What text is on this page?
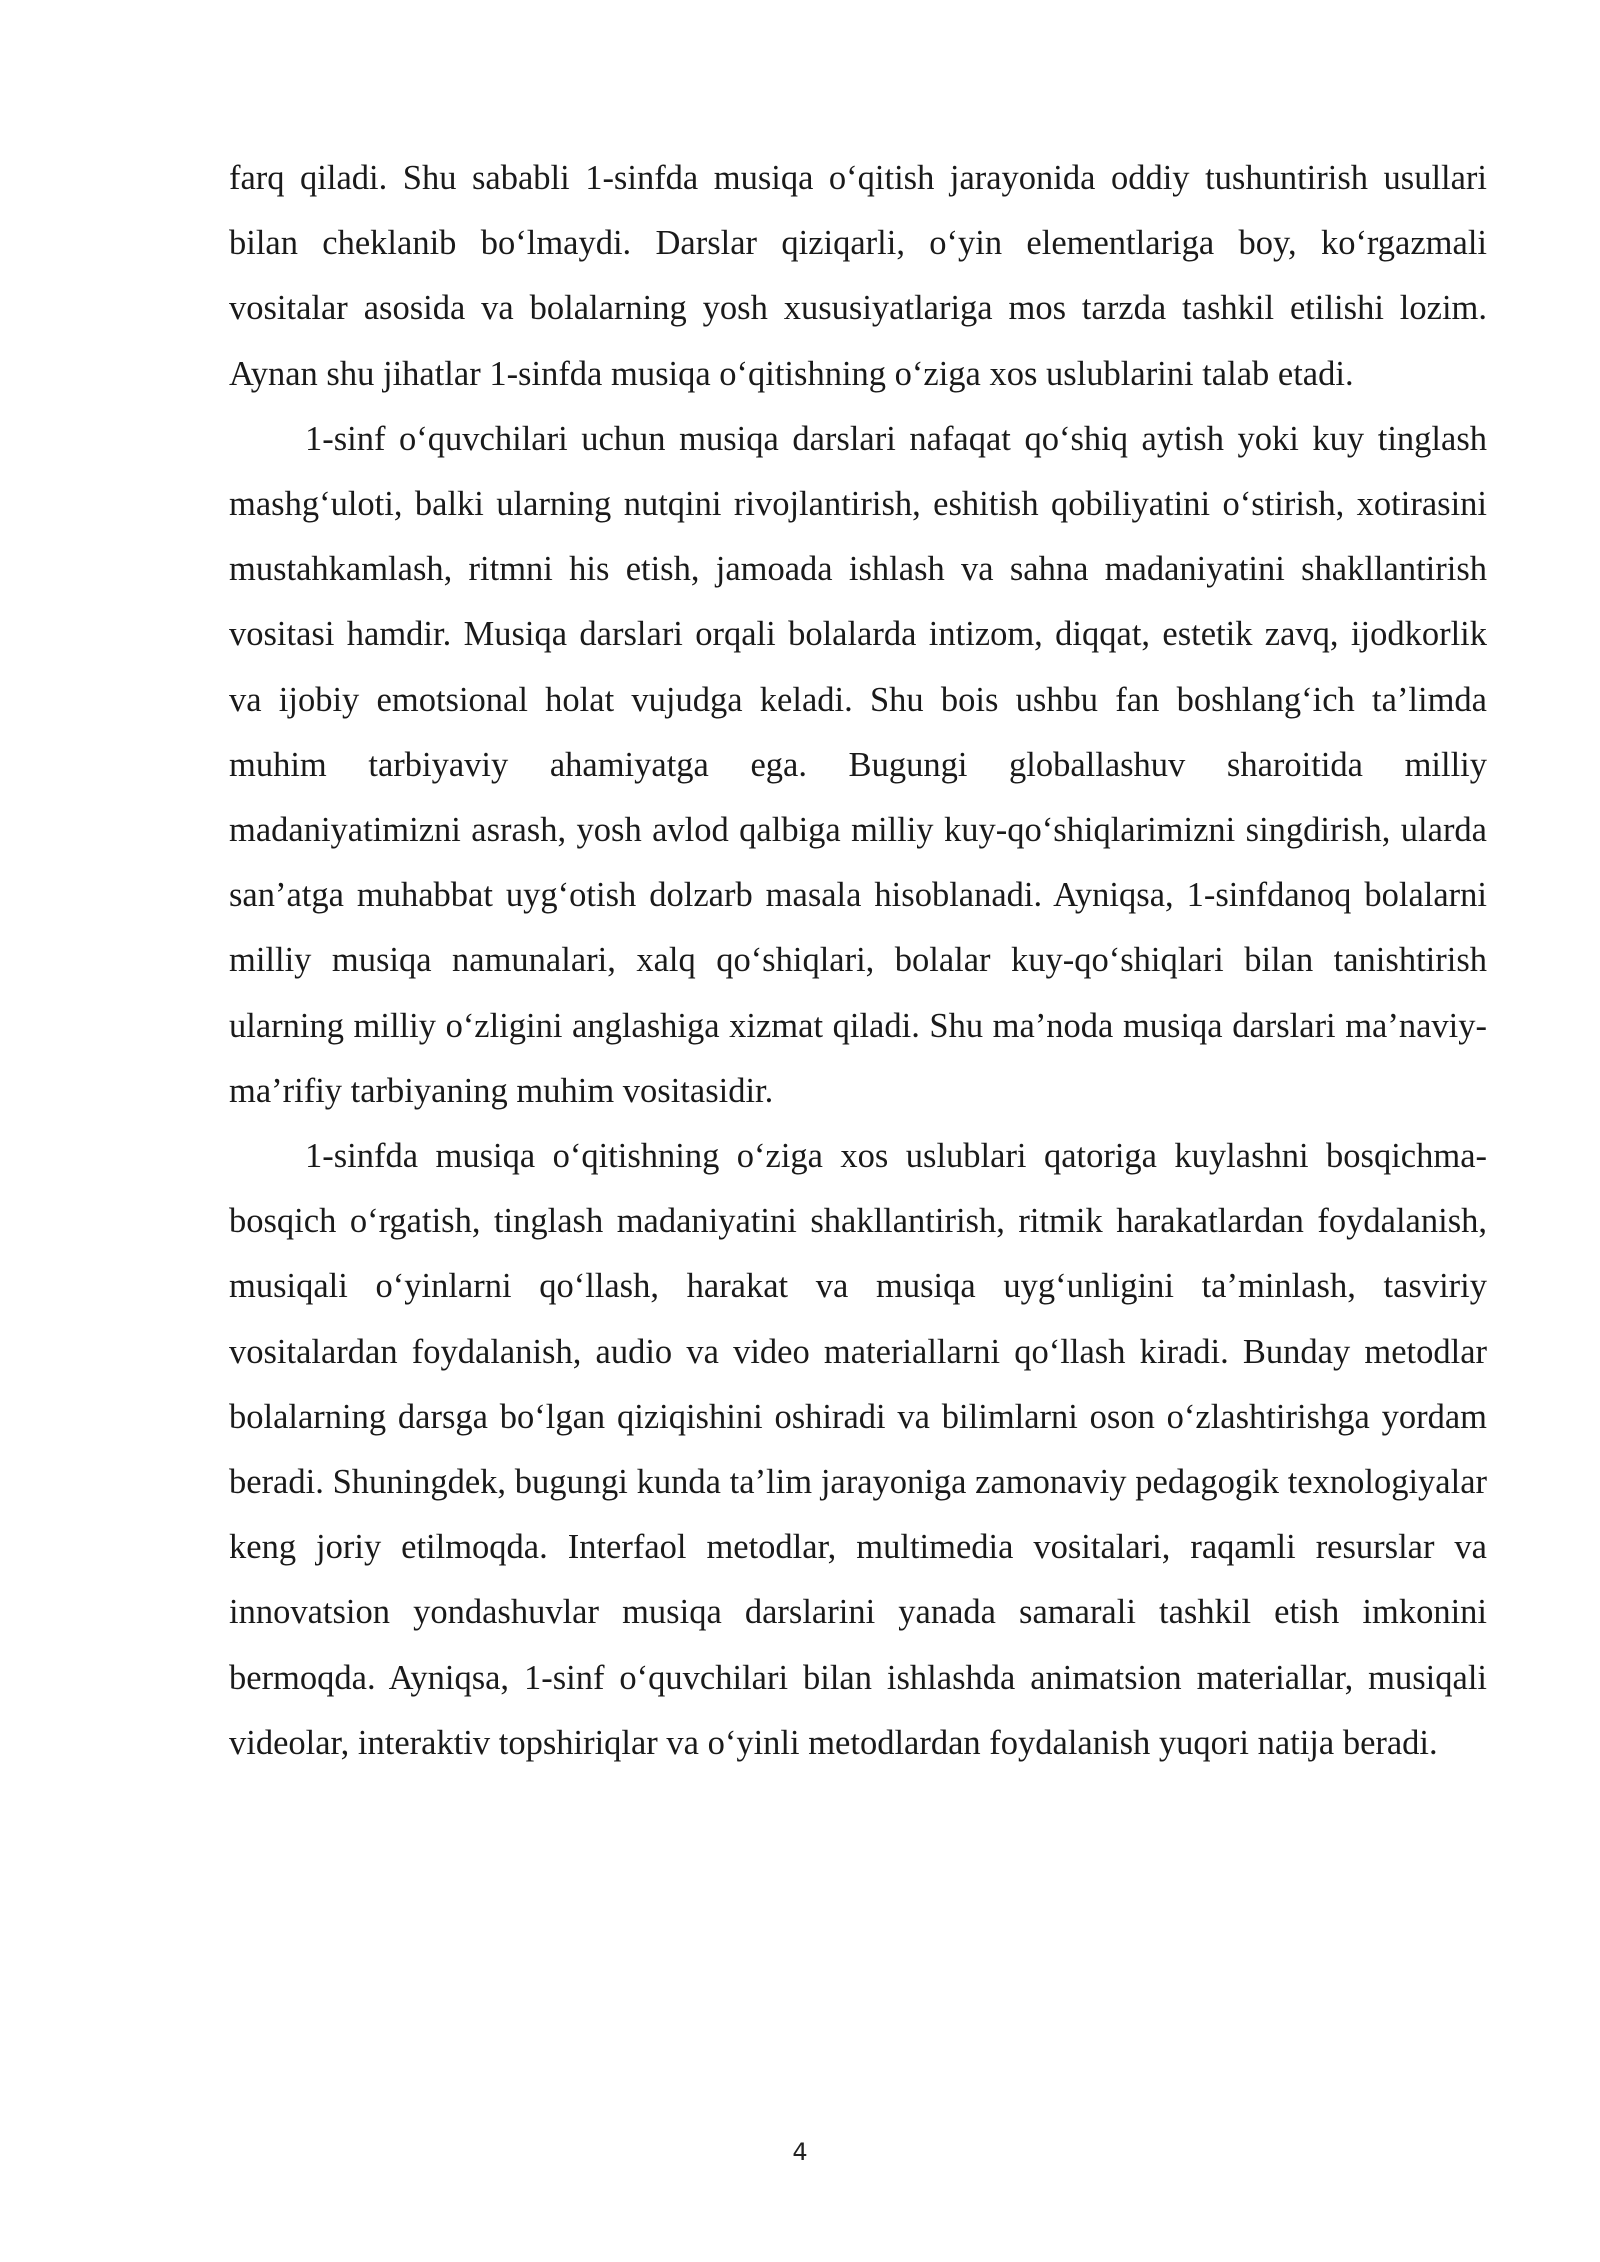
farq qiladi. Shu sababli 1-sinfda musiqa o‘qitish jarayonida oddiy tushuntirish usullari bilan cheklanib bo‘lmaydi. Darslar qiziqarli, o‘yin elementlariga boy, ko‘rgazmali vositalar asosida va bolalarning yosh xususiyatlariga mos tarzda tashkil etilishi lozim. Aynan shu jihatlar 1-sinfda musiqa o‘qitishning o‘ziga xos uslublarini talab etadi.

1-sinf o‘quvchilari uchun musiqa darslari nafaqat qo‘shiq aytish yoki kuy tinglash mashg‘uloti, balki ularning nutqini rivojlantirish, eshitish qobiliyatini o‘stirish, xotirasini mustahkamlash, ritmni his etish, jamoada ishlash va sahna madaniyatini shakllantirish vositasi hamdir. Musiqa darslari orqali bolalarda intizom, diqqat, estetik zavq, ijodkorlik va ijobiy emotsional holat vujudga keladi. Shu bois ushbu fan boshlang‘ich ta’limda muhim tarbiyaviy ahamiyatga ega. Bugungi globallashuv sharoitida milliy madaniyatimizni asrash, yosh avlod qalbiga milliy kuy-qo‘shiqlarimizni singdirish, ularda san’atga muhabbat uyg‘otish dolzarb masala hisoblanadi. Ayniqsa, 1-sinfdanoq bolalarni milliy musiqa namunalari, xalq qo‘shiqlari, bolalar kuy-qo‘shiqlari bilan tanishtirish ularning milliy o‘zligini anglashiga xizmat qiladi. Shu ma’noda musiqa darslari ma’naviy-ma’rifiy tarbiyaning muhim vositasidir.

1-sinfda musiqa o‘qitishning o‘ziga xos uslublari qatoriga kuylashni bosqichma-bosqich o‘rgatish, tinglash madaniyatini shakllantirish, ritmik harakatlardan foydalanish, musiqali o‘yinlarni qo‘llash, harakat va musiqa uyg‘unligini ta’minlash, tasviriy vositalardan foydalanish, audio va video materiallarni qo‘llash kiradi. Bunday metodlar bolalarning darsga bo‘lgan qiziqishini oshiradi va bilimlarni oson o‘zlashtirishga yordam beradi. Shuningdek, bugungi kunda ta’lim jarayoniga zamonaviy pedagogik texnologiyalar keng joriy etilmoqda. Interfaol metodlar, multimedia vositalari, raqamli resurslar va innovatsion yondashuvlar musiqa darslarini yanada samarali tashkil etish imkonini bermoqda. Ayniqsa, 1-sinf o‘quvchilari bilan ishlashda animatsion materiallar, musiqali videolar, interaktiv topshiriqlar va o‘yinli metodlardan foydalanish yuqori natija beradi.

4
